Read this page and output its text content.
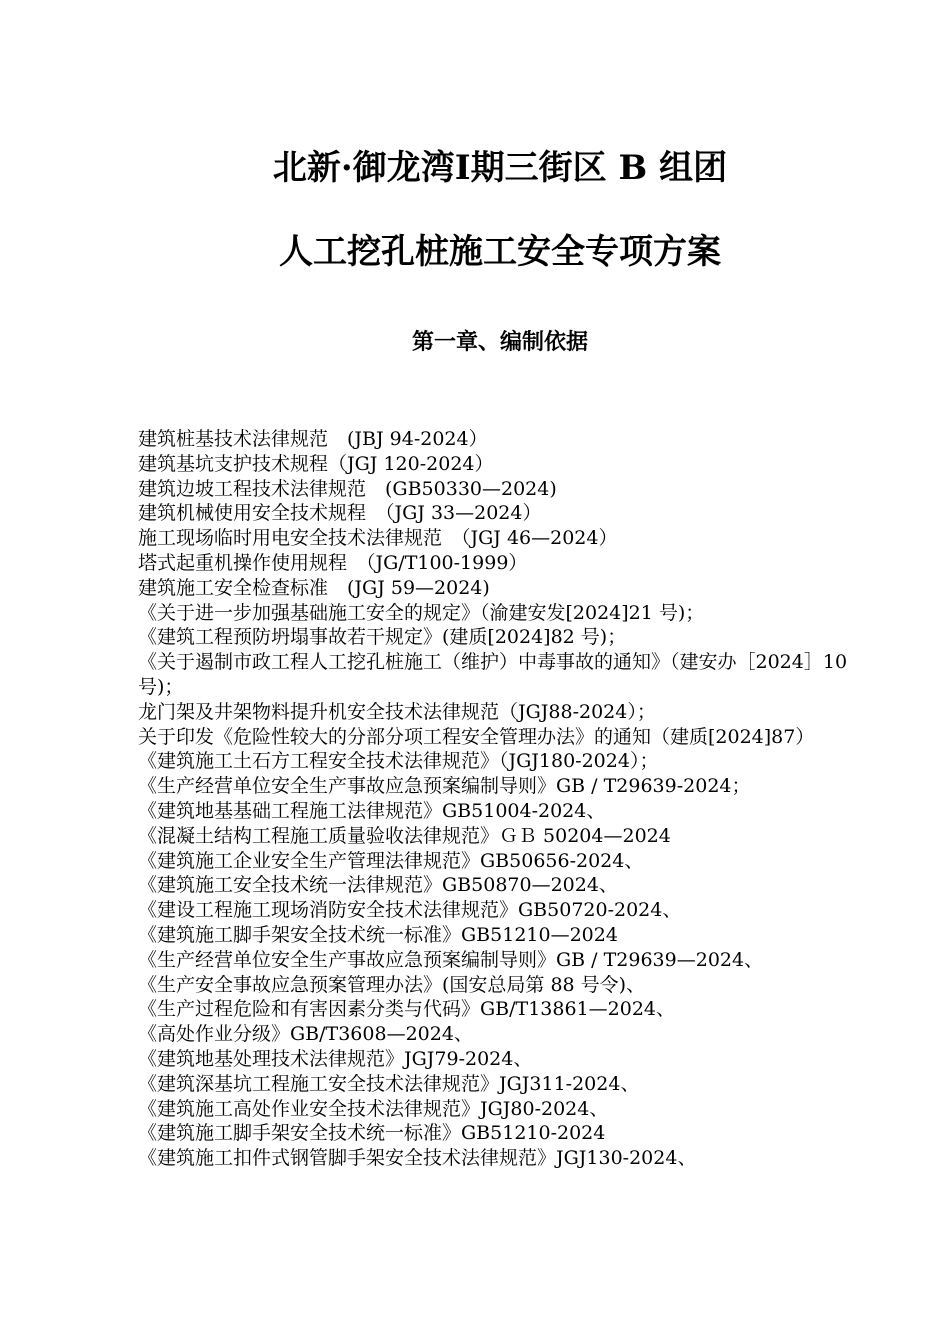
北新·御龙湾I期三街区 B 组团
人工挖孔桩施工安全专项方案
第一章、编制依据
建筑桩基技术法律规范　(JBJ 94-2024）
建筑基坑支护技术规程（JGJ 120-2024）
建筑边坡工程技术法律规范　(GB50330—2024)
建筑机械使用安全技术规程　（JGJ 33—2024）
施工现场临时用电安全技术法律规范　（JGJ 46—2024）
塔式起重机操作使用规程　（JG/T100-1999）
建筑施工安全检查标准　(JGJ 59—2024)
《关于进一步加强基础施工安全的规定》（渝建安发[2024]21 号)；
《建筑工程预防坍塌事故若干规定》(建质[2024]82 号)；
《关于遏制市政工程人工挖孔桩施工（维护）中毒事故的通知》（建安办［2024］10 号)；
龙门架及井架物料提升机安全技术法律规范（JGJ88-2024）；
关于印发《危险性较大的分部分项工程安全管理办法》的通知（建质[2024]87）
《建筑施工土石方工程安全技术法律规范》（JGJ180-2024）；
《生产经营单位安全生产事故应急预案编制导则》GB / T29639-2024；
《建筑地基基础工程施工法律规范》GB51004-2024、
《混凝土结构工程施工质量验收法律规范》ＧＢ 50204—2024
《建筑施工企业安全生产管理法律规范》GB50656-2024、
《建筑施工安全技术统一法律规范》GB50870—2024、
《建设工程施工现场消防安全技术法律规范》GB50720-2024、
《建筑施工脚手架安全技术统一标准》GB51210—2024
《生产经营单位安全生产事故应急预案编制导则》GB / T29639—2024、
《生产安全事故应急预案管理办法》(国安总局第 88 号令)、
《生产过程危险和有害因素分类与代码》GB/T13861—2024、
《高处作业分级》GB/T3608—2024、
《建筑地基处理技术法律规范》JGJ79-2024、
《建筑深基坑工程施工安全技术法律规范》JGJ311-2024、
《建筑施工高处作业安全技术法律规范》JGJ80-2024、
《建筑施工脚手架安全技术统一标准》GB51210-2024
《建筑施工扣件式钢管脚手架安全技术法律规范》JGJ130-2024、
